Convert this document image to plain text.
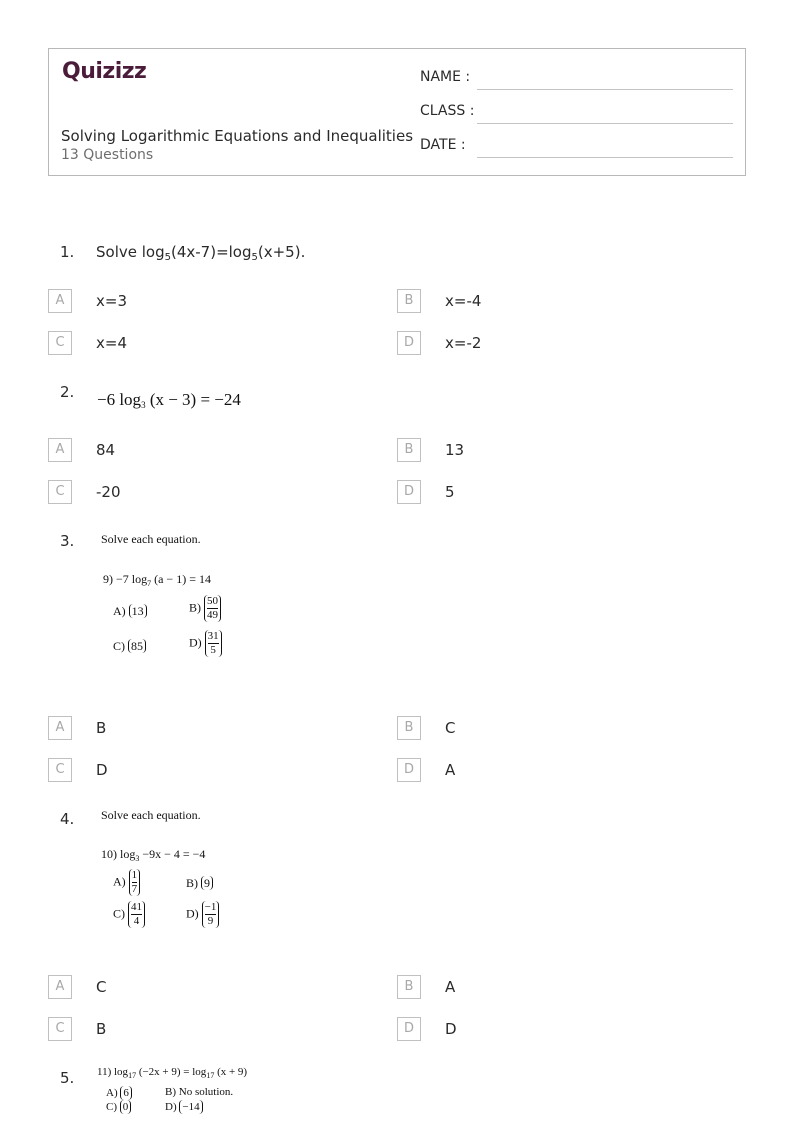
Quizizz
Solving Logarithmic Equations and Inequalities
13 Questions
NAME :
CLASS :
DATE :
1. Solve $\log_5(4x-7)=\log_5(x+5)$.
A	x=3	B	x=-4
C	x=4	D	x=-2
2. −6 $\log_3 (x - 3) = -24$
A	84	B	13
C	-20	D	5
3. Solve each equation.
9) −7 $\log_7 (a - 1) = 14$
A) 13	$B) \frac{50}{49}$
C) 85	$D) \frac{31}{5}$
A	B	B	C
C	D	D	A
4. Solve each equation.
10) $\log_3 -9x - 4 = -4$
$A) \frac{1}{7}$	B) 9
$C) \frac{41}{4}$	$D) \frac{-1}{9}$
A	C	B	A
C	B	D	D
5. 11) $\log_{17} (-2x + 9) = \log_{17} (x + 9)$
A) 6	B) No solution.
C) 0	D) −14
